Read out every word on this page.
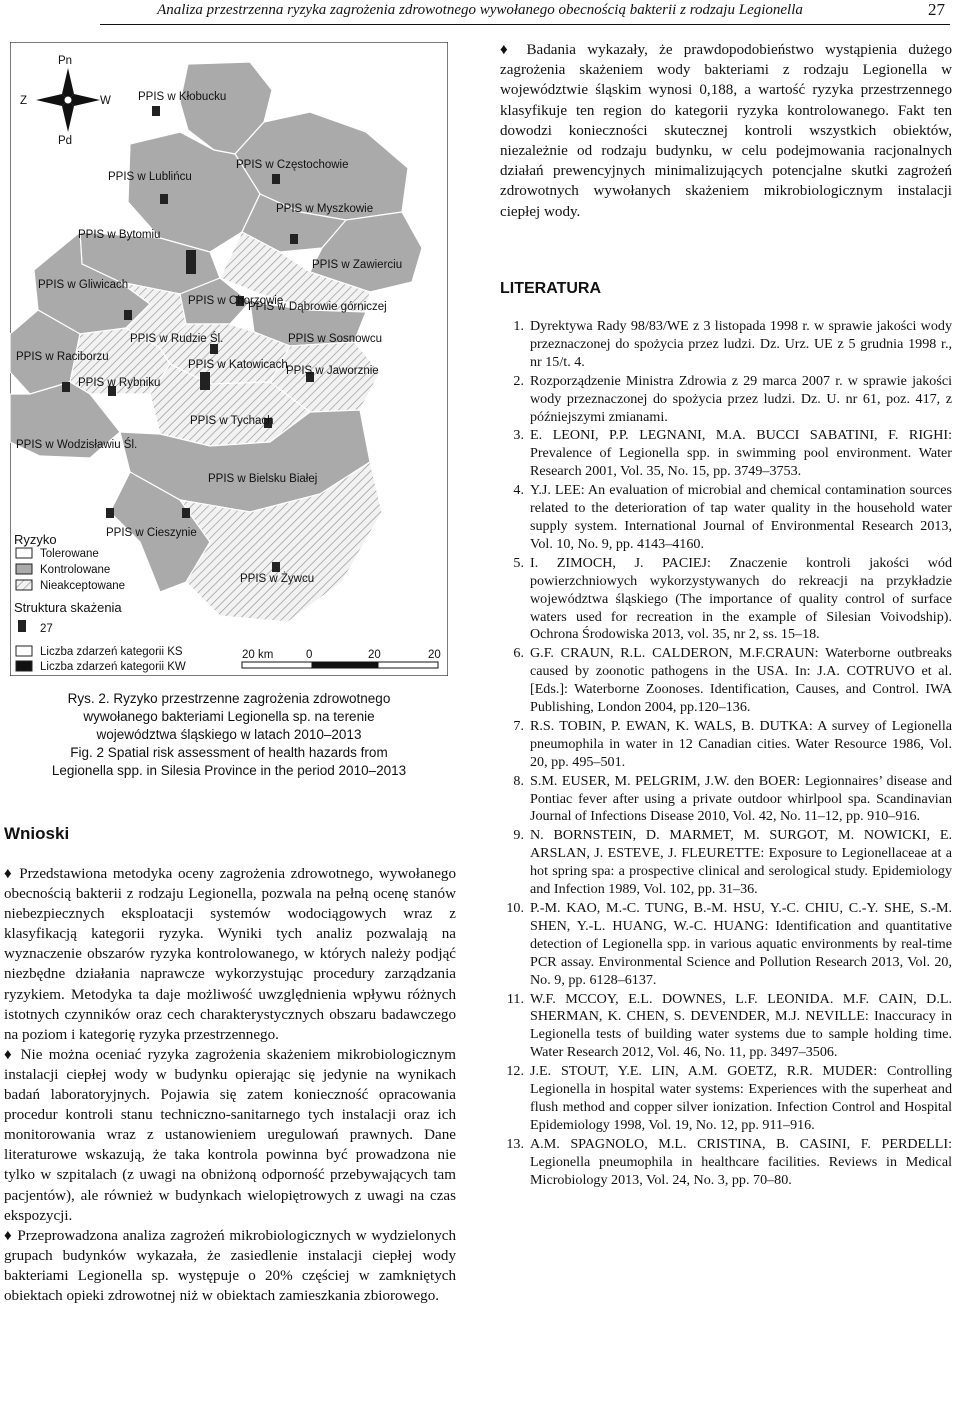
Analiza przestrzenna ryzyka zagrożenia zdrowotnego wywołanego obecnością bakterii z rodzaju Legionella	27
Pn
Pd
Z	W PPIS w Kłobucku
PPIS w Lublińcu
PPIS w Częstochowie
PPIS w Myszkowie
PPIS w Bytomiu
PPIS w Zawierciu
PPIS w Gliwicach
PPIS w Chorzowie
PPIS w Dąbrowie górniczej
PPIS w Rudzie Śl.	PPIS w Sosnowcu
PPIS w Raciborzu
PPIS w Katowicach
PPIS w Jaworznie
PPIS w Rybniku
PPIS w Tychach
PPIS w Wodzisławiu Śl.
PPIS w Bielsku Białej
PPIS w Cieszynie
PPIS w Żywcu
Ryzyko
Tolerowane
Kontrolowane
Nieakceptowane
Struktura skażenia
27
Liczba zdarzeń kategorii KS
Liczba zdarzeń kategorii KW
20 km	0	20	20

Rys. 2. Ryzyko przestrzenne zagrożenia zdrowotnego

wywołanego bakteriami Legionella sp. na terenie

województwa śląskiego w latach 2010–2013

Fig. 2 Spatial risk assessment of health hazards from

Legionella spp. in Silesia Province in the period 2010–2013

Wnioski

♦ Przedstawiona metodyka oceny zagrożenia zdrowotnego, wywołanego obecnością bakterii z rodzaju Legionella, pozwala na pełną ocenę stanów niebezpiecznych eksploatacji systemów wodociągowych wraz z klasyfikacją kategorii ryzyka. Wyniki tych analiz pozwalają na wyznaczenie obszarów ryzyka kontrolowanego, w których należy podjąć niezbędne działania naprawcze wykorzystując procedury zarządzania ryzykiem. Metodyka ta daje możliwość uwzględnienia wpływu różnych istotnych czynników oraz cech charakterystycznych obszaru badawczego na poziom i kategorię ryzyka przestrzennego.

♦ Nie można oceniać ryzyka zagrożenia skażeniem mikrobiologicznym instalacji ciepłej wody w budynku opierając się jedynie na wynikach badań laboratoryjnych. Pojawia się zatem konieczność opracowania procedur kontroli stanu techniczno-sanitarnego tych instalacji oraz ich monitorowania wraz z ustanowieniem uregulowań prawnych. Dane literaturowe wskazują, że taka kontrola powinna być prowadzona nie tylko w szpitalach (z uwagi na obniżoną odporność przebywających tam pacjentów), ale również w budynkach wielopiętrowych z uwagi na czas ekspozycji.

♦ Przeprowadzona analiza zagrożeń mikrobiologicznych w wydzielonych grupach budynków wykazała, że zasiedlenie instalacji ciepłej wody bakteriami Legionella sp. występuje o 20% częściej w zamkniętych obiektach opieki zdrowotnej niż w obiektach zamieszkania zbiorowego.

♦ Badania wykazały, że prawdopodobieństwo wystąpienia dużego zagrożenia skażeniem wody bakteriami z rodzaju Legionella w województwie śląskim wynosi 0,188, a wartość ryzyka przestrzennego klasyfikuje ten region do kategorii ryzyka kontrolowanego. Fakt ten dowodzi konieczności skutecznej kontroli wszystkich obiektów, niezależnie od rodzaju budynku, w celu podejmowania racjonalnych działań prewencyjnych minimalizujących potencjalne skutki zagrożeń zdrowotnych wywołanych skażeniem mikrobiologicznym instalacji ciepłej wody.

LITERATURA
1. Dyrektywa Rady 98/83/WE z 3 listopada 1998 r. w sprawie jakości wody przeznaczonej do spożycia przez ludzi. Dz. Urz. UE z 5 grudnia 1998 r., nr 15/t. 4.
2. Rozporządzenie Ministra Zdrowia z 29 marca 2007 r. w sprawie jakości wody przeznaczonej do spożycia przez ludzi. Dz. U. nr 61, poz. 417, z późniejszymi zmianami.
3. E. LEONI, P.P. LEGNANI, M.A. BUCCI SABATINI, F. RIGHI: Prevalence of Legionella spp. in swimming pool environment. Water Research 2001, Vol. 35, No. 15, pp. 3749–3753.
4. Y.J. LEE: An evaluation of microbial and chemical contamination sources related to the deterioration of tap water quality in the household water supply system. International Journal of Environmental Research 2013, Vol. 10, No. 9, pp. 4143–4160.
5. I. ZIMOCH, J. PACIEJ: Znaczenie kontroli jakości wód powierzchniowych wykorzystywanych do rekreacji na przykładzie województwa śląskiego (The importance of quality control of surface waters used for recreation in the example of Silesian Voivodship). Ochrona Środowiska 2013, vol. 35, nr 2, ss. 15–18.
6. G.F. CRAUN, R.L. CALDERON, M.F.CRAUN: Waterborne outbreaks caused by zoonotic pathogens in the USA. In: J.A. COTRUVO et al. [Eds.]: Waterborne Zoonoses. Identification, Causes, and Control. IWA Publishing, London 2004, pp.120–136.
7. R.S. TOBIN, P. EWAN, K. WALS, B. DUTKA: A survey of Legionella pneumophila in water in 12 Canadian cities. Water Resource 1986, Vol. 20, pp. 495–501.
8. S.M. EUSER, M. PELGRIM, J.W. den BOER: Legionnaires’ disease and Pontiac fever after using a private outdoor whirlpool spa. Scandinavian Journal of Infections Disease 2010, Vol. 42, No. 11–12, pp. 910–916.
9. N. BORNSTEIN, D. MARMET, M. SURGOT, M. NOWICKI, E. ARSLAN, J. ESTEVE, J. FLEURETTE: Exposure to Legionellaceae at a hot spring spa: a prospective clinical and serological study. Epidemiology and Infection 1989, Vol. 102, pp. 31–36.
10. P.-M. KAO, M.-C. TUNG, B.-M. HSU, Y.-C. CHIU, C.-Y. SHE, S.-M. SHEN, Y.-L. HUANG, W.-C. HUANG: Identification and quantitative detection of Legionella spp. in various aquatic environments by real-time PCR assay. Environmental Science and Pollution Research 2013, Vol. 20, No. 9, pp. 6128–6137.
11. W.F. MCCOY, E.L. DOWNES, L.F. LEONIDA. M.F. CAIN, D.L. SHERMAN, K. CHEN, S. DEVENDER, M.J. NEVILLE: Inaccuracy in Legionella tests of building water systems due to sample holding time. Water Research 2012, Vol. 46, No. 11, pp. 3497–3506.
12. J.E. STOUT, Y.E. LIN, A.M. GOETZ, R.R. MUDER: Controlling Legionella in hospital water systems: Experiences with the superheat and flush method and copper silver ionization. Infection Control and Hospital Epidemiology 1998, Vol. 19, No. 12, pp. 911–916.
13. A.M. SPAGNOLO, M.L. CRISTINA, B. CASINI, F. PERDELLI: Legionella pneumophila in healthcare facilities. Reviews in Medical Microbiology 2013, Vol. 24, No. 3, pp. 70–80.
